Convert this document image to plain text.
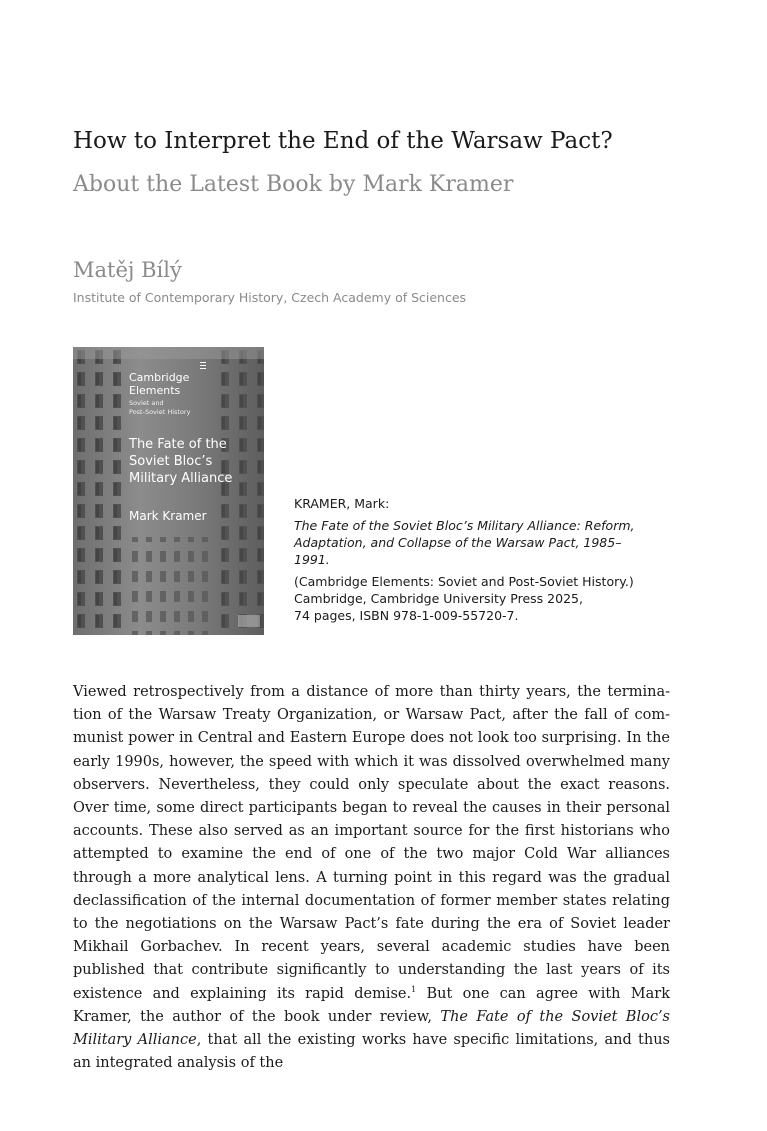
How to Interpret the End of the Warsaw Pact?
About the Latest Book by Mark Kramer
Matěj Bílý
Institute of Contemporary History, Czech Academy of Sciences
Cambridge
Elements
Soviet and
Post-Soviet History
The Fate of the
Soviet Bloc’s
Military Alliance
Mark Kramer

KRAMER, Mark:

The Fate of the Soviet Bloc’s Military Alliance: Reform, Adaptation, and Collapse of the Warsaw Pact, 1985–1991.

(Cambridge Elements: Soviet and Post-Soviet History.)

Cambridge, Cambridge University Press 2025,

74 pages, ISBN 978-1-009-55720-7.

Viewed retrospectively from a distance of more than thirty years, the termination of the Warsaw Treaty Organization, or Warsaw Pact, after the fall of communist power in Central and Eastern Europe does not look too surprising. In the early 1990s, however, the speed with which it was dissolved overwhelmed many observers. Nevertheless, they could only speculate about the exact reasons. Over time, some direct participants began to reveal the causes in their personal accounts. These also served as an important source for the first historians who attempted to examine the end of one of the two major Cold War alliances through a more analytical lens. A turning point in this regard was the gradual declassification of the internal documentation of former member states relating to the negotiations on the Warsaw Pact’s fate during the era of Soviet leader Mikhail Gorbachev. In recent years, several academic studies have been published that contribute significantly to understanding the last years of its existence and explaining its rapid demise.$^1$ But one can agree with Mark Kramer, the author of the book under review, The Fate of the Soviet Bloc’s Military Alliance, that all the existing works have specific limitations, and thus an integrated analysis of the
